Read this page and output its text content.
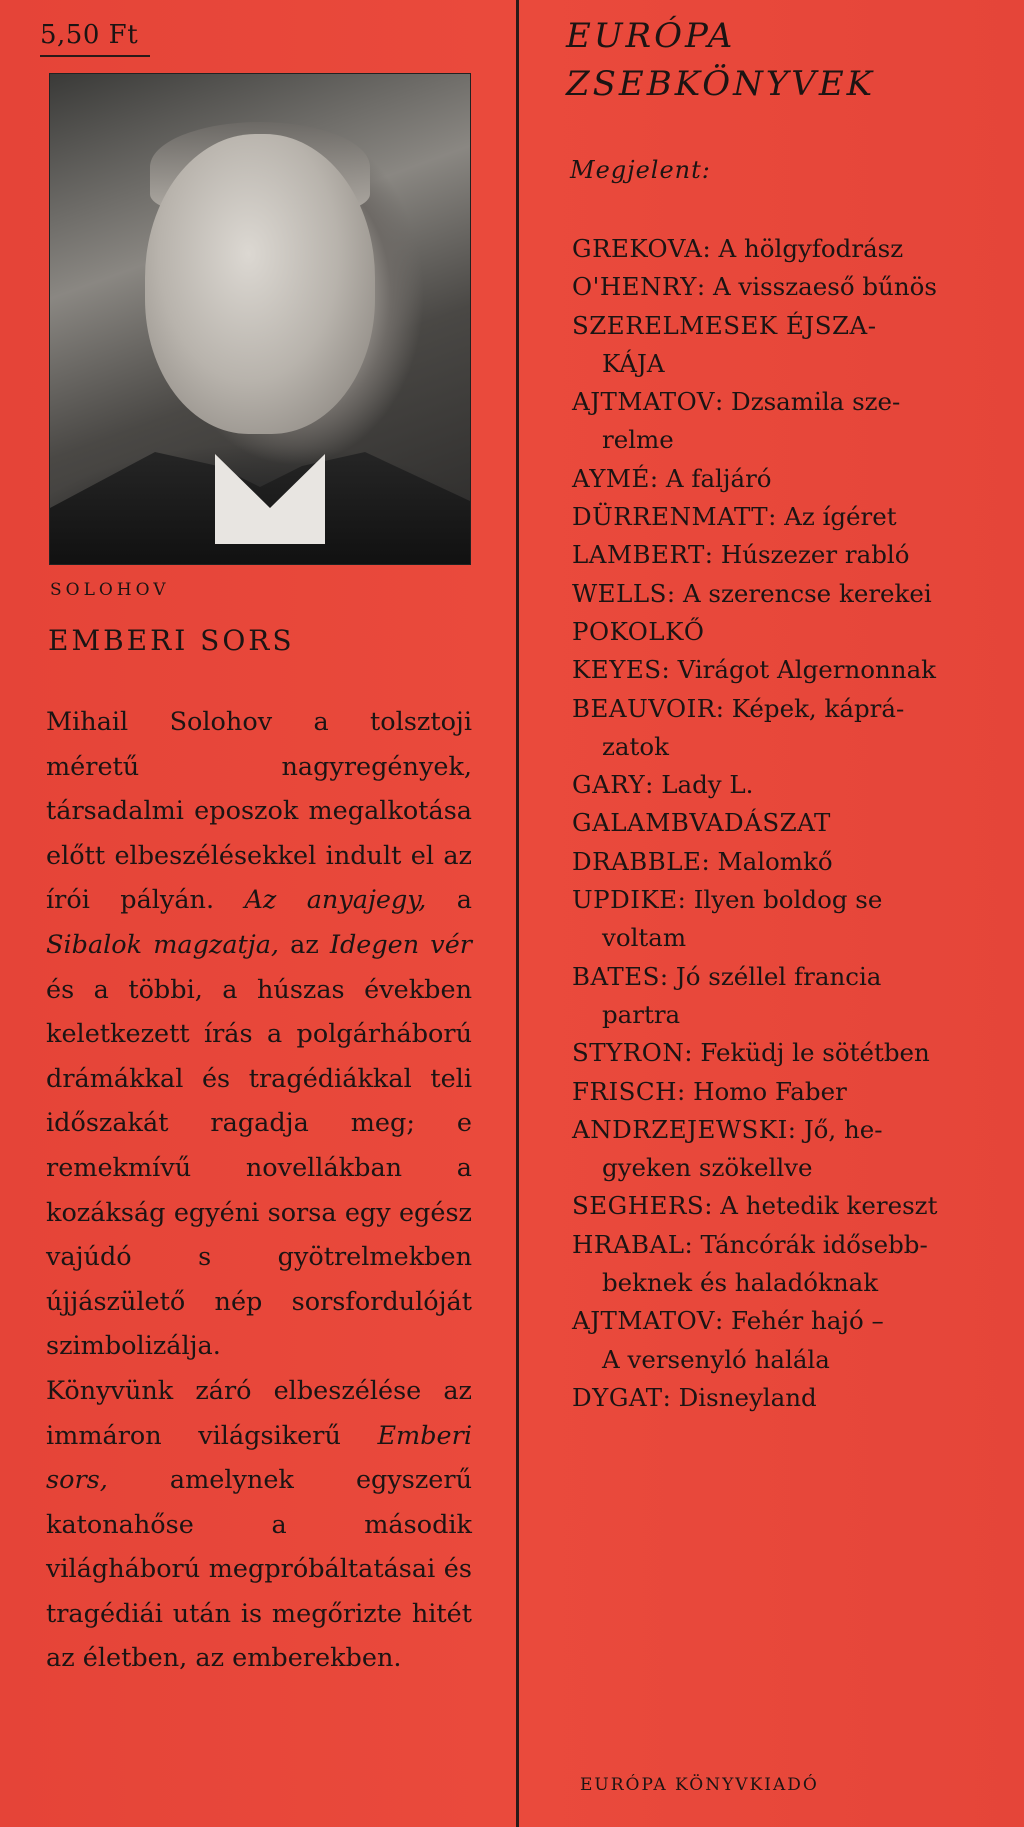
5,50 Ft
SOLOHOV
EMBERI SORS

Mihail Solohov a tolsztoji méretű nagyregények, társadalmi eposzok megalkotása előtt elbeszélésekkel indult el az írói pályán. Az anyajegy, a Sibalok magzatja, az Idegen vér és a többi, a húszas években keletkezett írás a polgárháború drámákkal és tragédiákkal teli időszakát ragadja meg; e remekmívű novellákban a kozákság egyéni sorsa egy egész vajúdó s gyötrelmekben újjászülető nép sorsfordulóját szimbolizálja.

Könyvünk záró elbeszélése az immáron világsikerű Emberi sors, amelynek egyszerű katonahőse a második világháború megpróbáltatásai és tragédiái után is megőrizte hitét az életben, az emberekben.

EURÓPA
ZSEBKÖNYVEK
Megjelent:
GREKOVA: A hölgyfodrász
O'HENRY: A visszaeső bűnös
SZERELMESEK ÉJSZA-
KÁJA
AJTMATOV: Dzsamila sze-
relme
AYMÉ: A faljáró
DÜRRENMATT: Az ígéret
LAMBERT: Húszezer rabló
WELLS: A szerencse kerekei
POKOLKŐ
KEYES: Virágot Algernonnak
BEAUVOIR: Képek, káprá-
zatok
GARY: Lady L.
GALAMBVADÁSZAT
DRABBLE: Malomkő
UPDIKE: Ilyen boldog se
voltam
BATES: Jó széllel francia
partra
STYRON: Feküdj le sötétben
FRISCH: Homo Faber
ANDRZEJEWSKI: Jő, he-
gyeken szökellve
SEGHERS: A hetedik kereszt
HRABAL: Táncórák idősebb-
beknek és haladóknak
AJTMATOV: Fehér hajó –
A versenyló halála
DYGAT: Disneyland
EURÓPA KÖNYVKIADÓ
